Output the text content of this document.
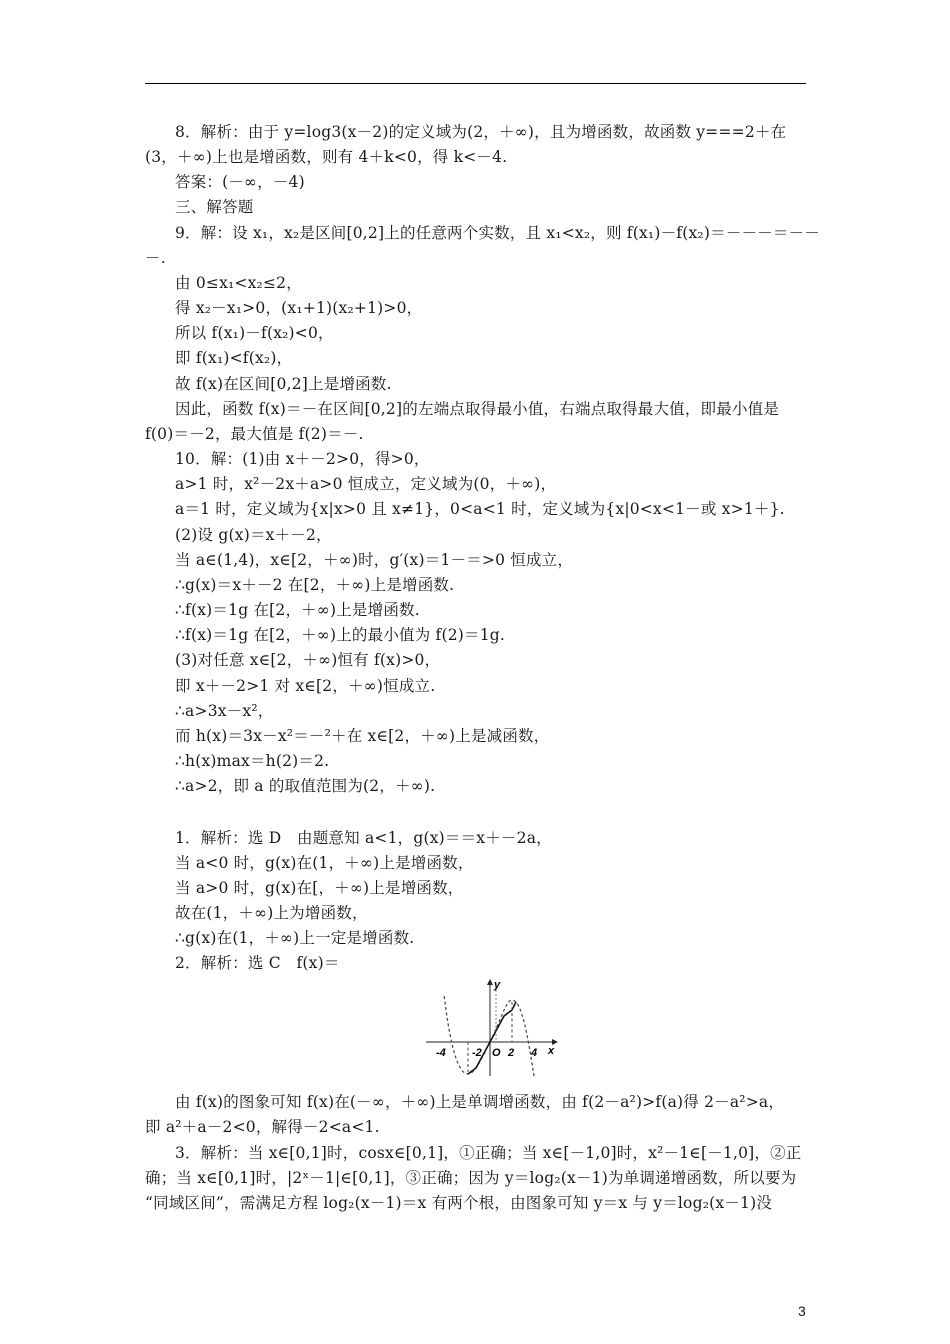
8．解析：由于 y=log3(x－2)的定义域为(2，＋∞)，且为增函数，故函数 y===2＋在
(3，＋∞)上也是增函数，则有 4＋k<0，得 k<－4.
答案：(－∞，－4)
三、解答题
9．解：设 x₁，x₂是区间[0,2]上的任意两个实数，且 x₁<x₂，则 f(x₁)－f(x₂)＝－－－＝－－
－.
由 0≤x₁<x₂≤2，
得 x₂－x₁>0，(x₁+1)(x₂+1)>0，
所以 f(x₁)－f(x₂)<0，
即 f(x₁)<f(x₂)，
故 f(x)在区间[0,2]上是增函数.
因此，函数 f(x)＝－在区间[0,2]的左端点取得最小值，右端点取得最大值，即最小值是
f(0)＝－2，最大值是 f(2)＝－.
10．解：(1)由 x＋－2>0，得>0，
a>1 时，x²－2x＋a>0 恒成立，定义域为(0，＋∞)，
a＝1 时，定义域为{x|x>0 且 x≠1}，0<a<1 时，定义域为{x|0<x<1－或 x>1＋}.
(2)设 g(x)＝x＋－2，
当 a∈(1,4)，x∈[2，＋∞)时，g′(x)＝1－＝>0 恒成立，
∴g(x)＝x＋－2 在[2，＋∞)上是增函数.
∴f(x)＝1g 在[2，＋∞)上是增函数.
∴f(x)＝1g 在[2，＋∞)上的最小值为 f(2)＝1g.
(3)对任意 x∈[2，＋∞)恒有 f(x)>0，
即 x＋－2>1 对 x∈[2，＋∞)恒成立.
∴a>3x－x²，
而 h(x)＝3x－x²＝－²＋在 x∈[2，＋∞)上是减函数，
∴h(x)max＝h(2)＝2.
∴a>2，即 a 的取值范围为(2，＋∞).
1．解析：选 D　由题意知 a<1，g(x)＝＝x＋－2a，
当 a<0 时，g(x)在(1，＋∞)上是增函数，
当 a>0 时，g(x)在[，＋∞)上是增函数，
故在(1，＋∞)上为增函数，
∴g(x)在(1，＋∞)上一定是增函数.
2．解析：选 C　f(x)＝
-4 -2 O 2 4 x
y
由 f(x)的图象可知 f(x)在(－∞，＋∞)上是单调增函数，由 f(2－a²)>f(a)得 2－a²>a，
即 a²＋a－2<0，解得－2<a<1.
3．解析：当 x∈[0,1]时，cosx∈[0,1]，①正确；当 x∈[－1,0]时，x²－1∈[－1,0]，②正
确；当 x∈[0,1]时，|2ˣ－1|∈[0,1]，③正确；因为 y＝log₂(x－1)为单调递增函数，所以要为
“同域区间”，需满足方程 log₂(x－1)＝x 有两个根，由图象可知 y＝x 与 y＝log₂(x－1)没
3
